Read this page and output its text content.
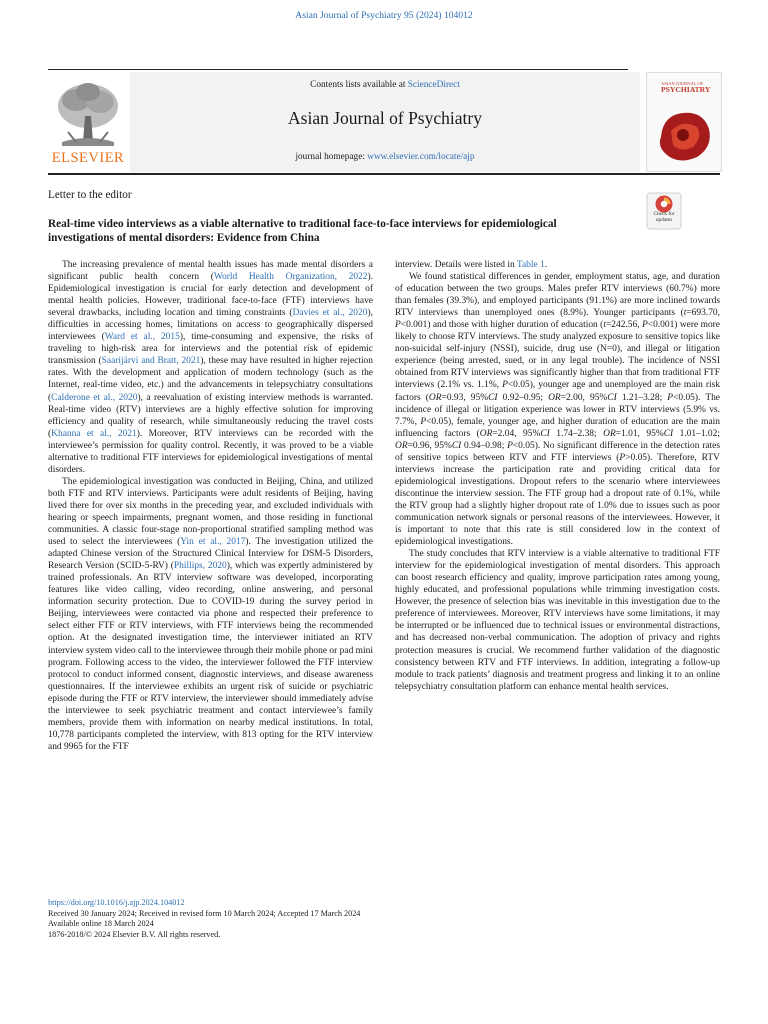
Asian Journal of Psychiatry 95 (2024) 104012
Contents lists available at ScienceDirect
Asian Journal of Psychiatry
journal homepage: www.elsevier.com/locate/ajp
ELSEVIER
ASIAN JOURNAL OF
PSYCHIATRY
Letter to the editor
Real-time video interviews as a viable alternative to traditional face-to-face interviews for epidemiological investigations of mental disorders: Evidence from China
Check for
updates

The increasing prevalence of mental health issues has made mental disorders a significant public health concern (World Health Organization, 2022). Epidemiological investigation is crucial for early detection and development of mental health policies. However, traditional face-to-face (FTF) interviews have several drawbacks, including location and timing constraints (Davies et al., 2020), difficulties in accessing homes, limitations on access to geographically dispersed interviewees (Ward et al., 2015), time-consuming and expensive, the risks of traveling to high-risk area for interviews and the potential risk of epidemic transmission (Saarijärvi and Bratt, 2021), these may have resulted in higher rejection rates. With the development and application of modern technology (such as the Internet, real-time video, etc.) and the advancements in telepsychiatry consultations (Calderone et al., 2020), a reevaluation of existing interview methods is warranted. Real-time video (RTV) interviews are a highly effective solution for improving efficiency and quality of research, while simultaneously reducing the travel costs (Khanna et al., 2021). Moreover, RTV interviews can be recorded with the interviewee’s permission for quality control. Recently, it was proved to be a viable alternative to traditional FTF interviews for epidemiological investigations of mental disorders.

The epidemiological investigation was conducted in Beijing, China, and utilized both FTF and RTV interviews. Participants were adult residents of Beijing, having lived there for over six months in the preceding year, and excluded individuals with hearing or speech impairments, pregnant women, and those residing in functional communities. A classic four-stage non-proportional stratified sampling method was used to select the interviewees (Yin et al., 2017). The investigation utilized the adapted Chinese version of the Structured Clinical Interview for DSM-5 Disorders, Research Version (SCID-5-RV) (Phillips, 2020), which was expertly administered by trained professionals. An RTV interview software was developed, incorporating features like video calling, video recording, online answering, and personal information security protection. Due to COVID-19 during the survey period in Beijing, interviewees were contacted via phone and respected their preference to select either FTF or RTV interviews, with FTF interviews being the recommended option. At the designated investigation time, the interviewer initiated an RTV interview system video call to the interviewee through their mobile phone or pad mini program. Following access to the video, the interviewer followed the FTF interview protocol to conduct informed consent, diagnostic interviews, and disease awareness questionnaires. If the interviewee exhibits an urgent risk of suicide or psychiatric episode during the FTF or RTV interview, the interviewer should immediately advise the interviewee to seek psychiatric treatment and contact interviewee’s family members, provide them with information on nearby medical institutions. In total, 10,778 participants completed the interview, with 813 opting for the RTV interview and 9965 for the FTF

interview. Details were listed in Table 1.

We found statistical differences in gender, employment status, age, and duration of education between the two groups. Males prefer RTV interviews (60.7%) more than females (39.3%), and employed participants (91.1%) are more inclined towards RTV interviews than unemployed ones (8.9%). Younger participants (t=693.70, P<0.001) and those with higher duration of education (t=242.56, P<0.001) were more likely to choose RTV interviews. The study analyzed exposure to sensitive topics like non-suicidal self-injury (NSSI), suicide, drug use (N=0), and illegal or litigation experience (being arrested, sued, or in any legal trouble). The incidence of NSSI obtained from RTV interviews was significantly higher than that from traditional FTF interviews (2.1% vs. 1.1%, P<0.05), younger age and unemployed are the main risk factors (OR=0.93, 95%CI 0.92–0.95; OR=2.00, 95%CI 1.21–3.28; P<0.05). The incidence of illegal or litigation experience was lower in RTV interviews (5.9% vs. 7.7%, P<0.05), female, younger age, and higher duration of education are the main influencing factors (OR=2.04, 95%CI 1.74–2.38; OR=1.01, 95%CI 1.01–1.02; OR=0.96, 95%CI 0.94–0.98; P<0.05). No significant difference in the detection rates of sensitive topics between RTV and FTF interviews (P>0.05). Therefore, RTV interviews increase the participation rate and providing critical data for epidemiological investigations. Dropout refers to the scenario where interviewees discontinue the interview session. The FTF group had a dropout rate of 0.1%, while the RTV group had a slightly higher dropout rate of 1.0% due to issues such as poor communication network signals or personal reasons of the interviewees. However, it is important to note that this rate is still considered low in the context of epidemiological investigations.

The study concludes that RTV interview is a viable alternative to traditional FTF interview for the epidemiological investigation of mental disorders. This approach can boost research efficiency and quality, improve participation rates among young, highly educated, and professional populations while trimming investigation costs. However, the presence of selection bias was inevitable in this investigation due to the preference of interviewees. Moreover, RTV interviews have some limitations, it may be interrupted or be influenced due to technical issues or environmental distractions, and has decreased non-verbal communication. The adoption of privacy and rights protection measures is crucial. We recommend further validation of the diagnostic consistency between RTV and FTF interviews. In addition, integrating a follow-up module to track patients’ diagnosis and treatment progress and linking it to an online telepsychiatry consultation platform can enhance mental health services.

https://doi.org/10.1016/j.ajp.2024.104012
Received 30 January 2024; Received in revised form 10 March 2024; Accepted 17 March 2024
Available online 18 March 2024
1876-2018/© 2024 Elsevier B.V. All rights reserved.
